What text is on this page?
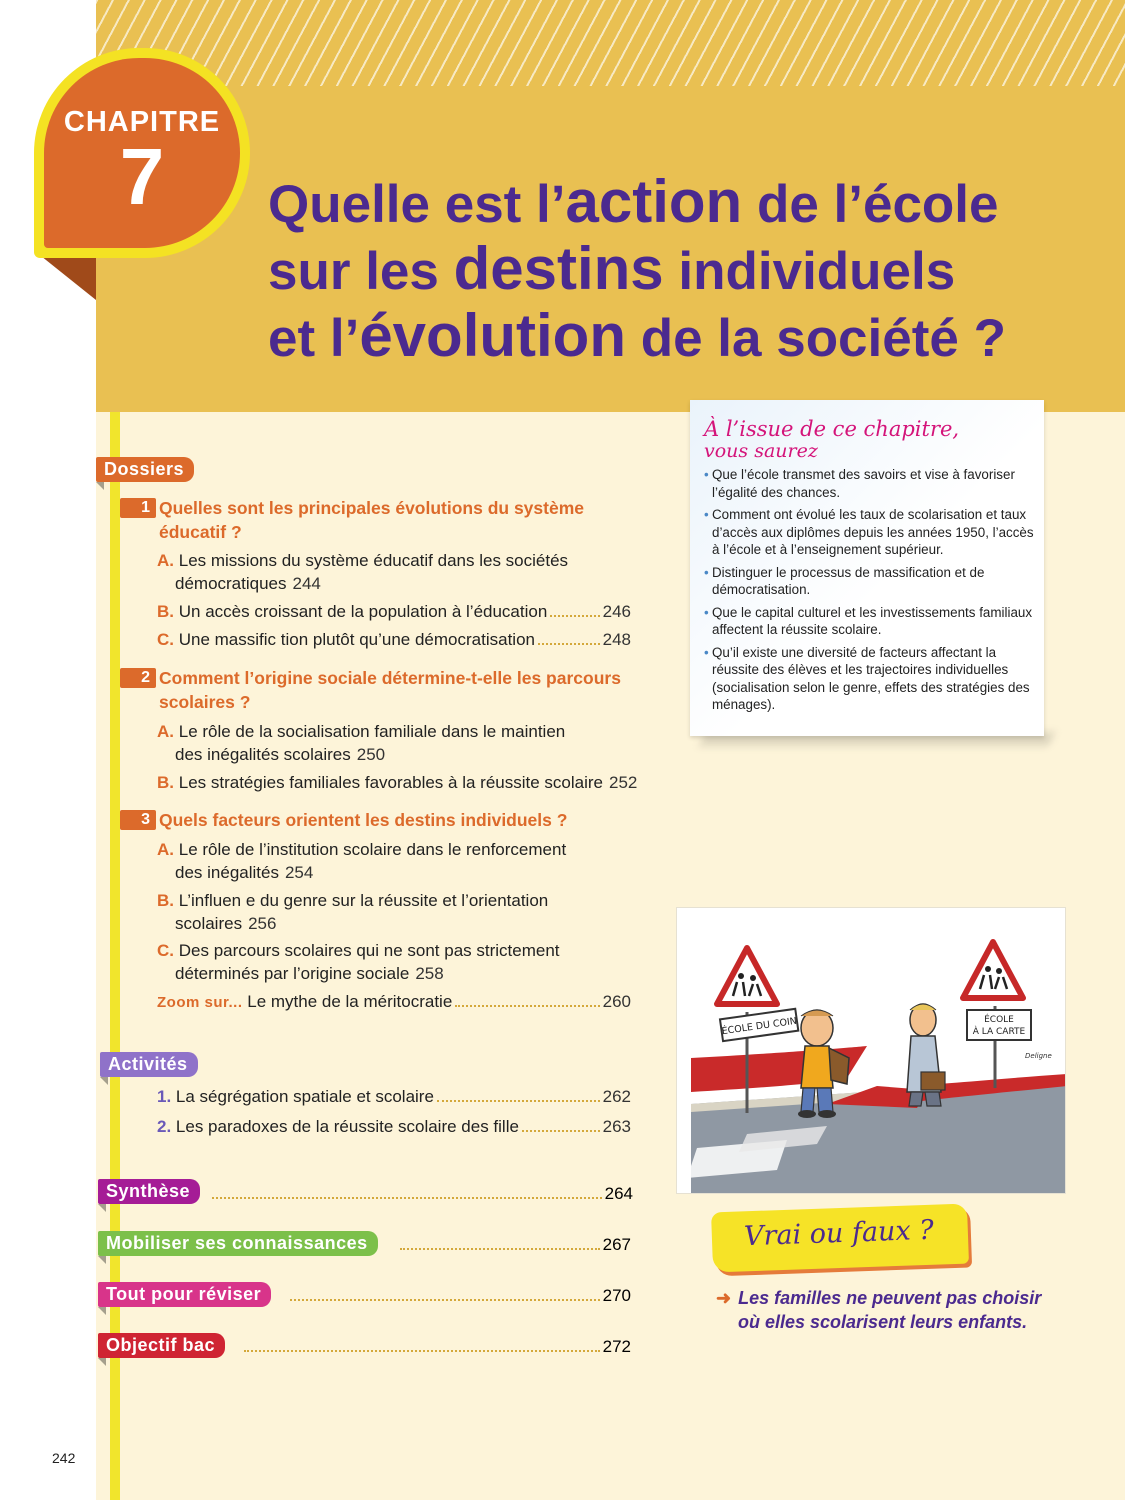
CHAPITRE
7	Quelle est l’action de l’école
sur les destins individuels
et l’évolution de la société ?
À l’issue de ce chapitre,
vous saurez
• Que l’école transmet des savoirs et vise à favoriser l’égalité des chances.
• Comment ont évolué les taux de scolarisation et taux d’accès aux diplômes depuis les années 1950, l’accès à l’école et à l’enseignement supérieur.
• Distinguer le processus de massification et de démocratisation.
• Que le capital culturel et les investissements familiaux affectent la réussite scolaire.
• Qu’il existe une diversité de facteurs affectant la réussite des élèves et les trajectoires individuelles (socialisation selon le genre, effets des stratégies des ménages).
Dossiers
1 Quelles sont les principales évolutions du système éducatif ?
A. Les missions du système éducatif dans les sociétés
démocratiques 244
B. Un accès croissant de la population à l’éducation	246
C. Une massific tion plutôt qu’une démocratisation	248
2 Comment l’origine sociale détermine-t-elle les parcours scolaires ?
A. Le rôle de la socialisation familiale dans le maintien
des inégalités scolaires 250
B. Les stratégies familiales favorables à la réussite scolaire 252
3 Quels facteurs orientent les destins individuels ?
A. Le rôle de l’institution scolaire dans le renforcement
des inégalités 254
B. L’influen e du genre sur la réussite et l’orientation
scolaires 256
C. Des parcours scolaires qui ne sont pas strictement
déterminés par l’origine sociale 258
Zoom sur... Le mythe de la méritocratie	260
Activités
1. La ségrégation spatiale et scolaire	262
2. Les paradoxes de la réussite scolaire des fille	263
Synthèse	264
Mobiliser ses connaissances	267
Tout pour réviser	270
Objectif bac	272
ÉCOLE DU COIN	ÉCOLE
À LA CARTE
Deligne
Vrai ou faux ?
➜ Les familles ne peuvent pas choisir
où elles scolarisent leurs enfants.
242
